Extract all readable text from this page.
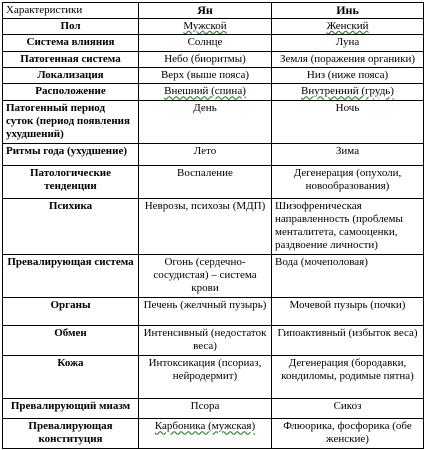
Характеристики	Ян	Инь
Пол	Мужской	Женский
Система влияния	Солнце	Луна
Патогенная система	Небо (биоритмы)	Земля (поражения органики)
Локализация	Верх (выше пояса)	Низ (ниже пояса)
Расположение	Внешний (спина)	Внутренний (грудь)
Патогенный период суток (период появления ухудшений)	День	Ночь
Ритмы года (ухудшение)	Лето	Зима
Патологические тенденции	Воспаление	Дегенерация (опухоли, новообразования)
Психика	Неврозы, психозы (МДП)	Шизофреническая направленность (проблемы менталитета, самооценки, раздвоение личности)
Превалирующая система	Огонь (сердечно-сосудистая) – система крови	Вода (мочеполовая)
Органы	Печень (желчный пузырь)	Мочевой пузырь (почки)
Обмен	Интенсивный (недостаток веса)	Гипоактивный (избыток веса)
Кожа	Интоксикация (псориаз, нейродермит)	Дегенерация (бородавки, кондиломы, родимые пятна)
Превалирующий миазм	Псора	Сикоз
Превалирующая конституция	Карбоника (мужская)	Флюорика, фосфорика (обе женские)
